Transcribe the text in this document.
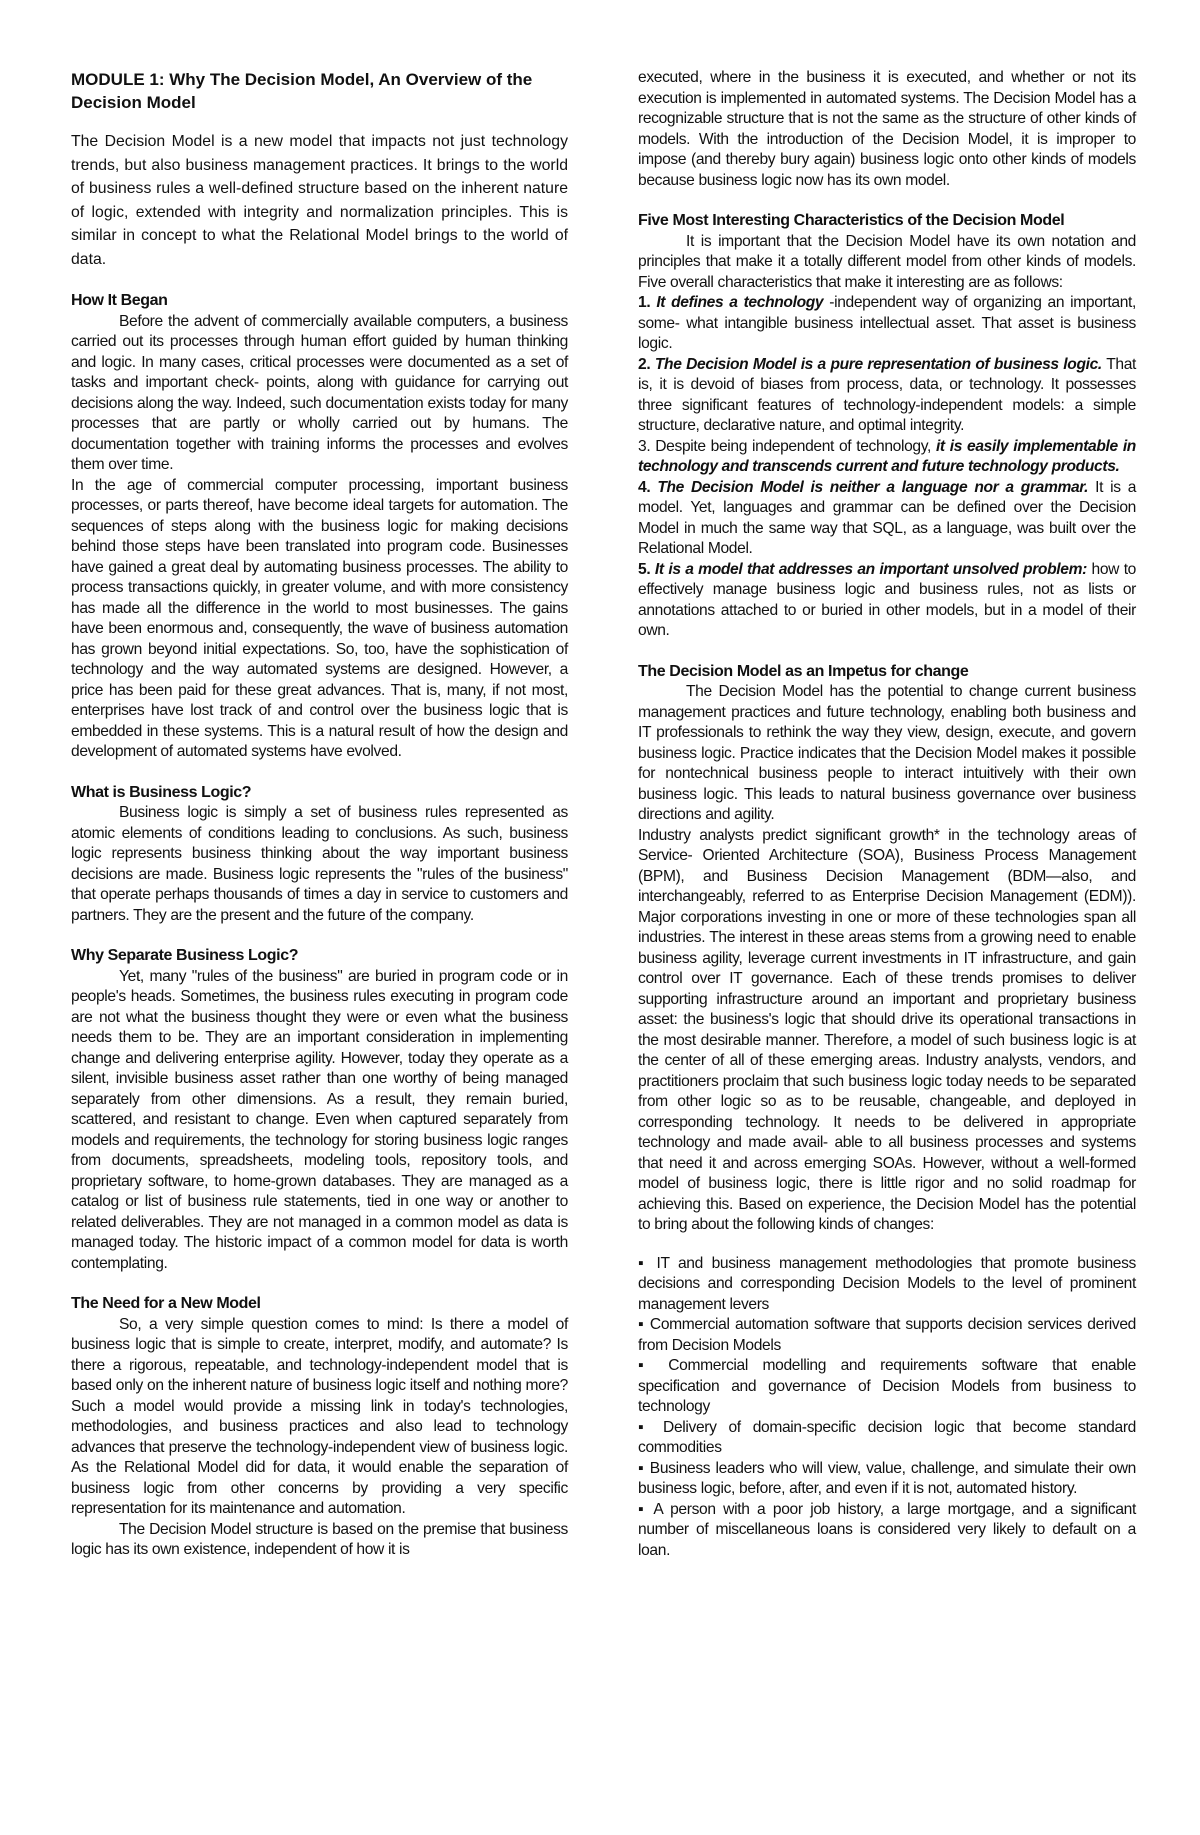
MODULE 1: Why The Decision Model, An Overview of the Decision Model

The Decision Model is a new model that impacts not just technology trends, but also business management practices. It brings to the world of business rules a well-defined structure based on the inherent nature of logic, extended with integrity and normalization principles. This is similar in concept to what the Relational Model brings to the world of data.

How It Began

Before the advent of commercially available computers, a business carried out its processes through human effort guided by human thinking and logic. In many cases, critical processes were documented as a set of tasks and important check- points, along with guidance for carrying out decisions along the way. Indeed, such documentation exists today for many processes that are partly or wholly carried out by humans. The documentation together with training informs the processes and evolves them over time.

In the age of commercial computer processing, important business processes, or parts thereof, have become ideal targets for automation. The sequences of steps along with the business logic for making decisions behind those steps have been translated into program code. Businesses have gained a great deal by automating business processes. The ability to process transactions quickly, in greater volume, and with more consistency has made all the difference in the world to most businesses. The gains have been enormous and, consequently, the wave of business automation has grown beyond initial expectations. So, too, have the sophistication of technology and the way automated systems are designed. However, a price has been paid for these great advances. That is, many, if not most, enterprises have lost track of and control over the business logic that is embedded in these systems. This is a natural result of how the design and development of automated systems have evolved.

What is Business Logic?

Business logic is simply a set of business rules represented as atomic elements of conditions leading to conclusions. As such, business logic represents business thinking about the way important business decisions are made. Business logic represents the "rules of the business" that operate perhaps thousands of times a day in service to customers and partners. They are the present and the future of the company.

Why Separate Business Logic?

Yet, many "rules of the business" are buried in program code or in people's heads. Sometimes, the business rules executing in program code are not what the business thought they were or even what the business needs them to be. They are an important consideration in implementing change and delivering enterprise agility. However, today they operate as a silent, invisible business asset rather than one worthy of being managed separately from other dimensions. As a result, they remain buried, scattered, and resistant to change. Even when captured separately from models and requirements, the technology for storing business logic ranges from documents, spreadsheets, modeling tools, repository tools, and proprietary software, to home-grown databases. They are managed as a catalog or list of business rule statements, tied in one way or another to related deliverables. They are not managed in a common model as data is managed today. The historic impact of a common model for data is worth contemplating.

The Need for a New Model

So, a very simple question comes to mind: Is there a model of business logic that is simple to create, interpret, modify, and automate? Is there a rigorous, repeatable, and technology-independent model that is based only on the inherent nature of business logic itself and nothing more? Such a model would provide a missing link in today's technologies, methodologies, and business practices and also lead to technology advances that preserve the technology-independent view of business logic. As the Relational Model did for data, it would enable the separation of business logic from other concerns by providing a very specific representation for its maintenance and automation.

The Decision Model structure is based on the premise that business logic has its own existence, independent of how it is

executed, where in the business it is executed, and whether or not its execution is implemented in automated systems. The Decision Model has a recognizable structure that is not the same as the structure of other kinds of models. With the introduction of the Decision Model, it is improper to impose (and thereby bury again) business logic onto other kinds of models because business logic now has its own model.

Five Most Interesting Characteristics of the Decision Model

It is important that the Decision Model have its own notation and principles that make it a totally different model from other kinds of models. Five overall characteristics that make it interesting are as follows:

1. It defines a technology -independent way of organizing an important, some- what intangible business intellectual asset. That asset is business logic.

2. The Decision Model is a pure representation of business logic. That is, it is devoid of biases from process, data, or technology. It possesses three significant features of technology-independent models: a simple structure, declarative nature, and optimal integrity.

3. Despite being independent of technology, it is easily implementable in technology and transcends current and future technology products.

4. The Decision Model is neither a language nor a grammar. It is a model. Yet, languages and grammar can be defined over the Decision Model in much the same way that SQL, as a language, was built over the Relational Model.

5. It is a model that addresses an important unsolved problem: how to effectively manage business logic and business rules, not as lists or annotations attached to or buried in other models, but in a model of their own.

The Decision Model as an Impetus for change

The Decision Model has the potential to change current business management practices and future technology, enabling both business and IT professionals to rethink the way they view, design, execute, and govern business logic. Practice indicates that the Decision Model makes it possible for nontechnical business people to interact intuitively with their own business logic. This leads to natural business governance over business directions and agility.

Industry analysts predict significant growth* in the technology areas of Service- Oriented Architecture (SOA), Business Process Management (BPM), and Business Decision Management (BDM—also, and interchangeably, referred to as Enterprise Decision Management (EDM)). Major corporations investing in one or more of these technologies span all industries. The interest in these areas stems from a growing need to enable business agility, leverage current investments in IT infrastructure, and gain control over IT governance. Each of these trends promises to deliver supporting infrastructure around an important and proprietary business asset: the business's logic that should drive its operational transactions in the most desirable manner. Therefore, a model of such business logic is at the center of all of these emerging areas. Industry analysts, vendors, and practitioners proclaim that such business logic today needs to be separated from other logic so as to be reusable, changeable, and deployed in corresponding technology. It needs to be delivered in appropriate technology and made avail- able to all business processes and systems that need it and across emerging SOAs. However, without a well-formed model of business logic, there is little rigor and no solid roadmap for achieving this. Based on experience, the Decision Model has the potential to bring about the following kinds of changes:

▪ IT and business management methodologies that promote business decisions and corresponding Decision Models to the level of prominent management levers

▪ Commercial automation software that supports decision services derived from Decision Models

▪ Commercial modelling and requirements software that enable specification and governance of Decision Models from business to technology

▪ Delivery of domain-specific decision logic that become standard commodities

▪ Business leaders who will view, value, challenge, and simulate their own business logic, before, after, and even if it is not, automated history.

▪ A person with a poor job history, a large mortgage, and a significant number of miscellaneous loans is considered very likely to default on a loan.
